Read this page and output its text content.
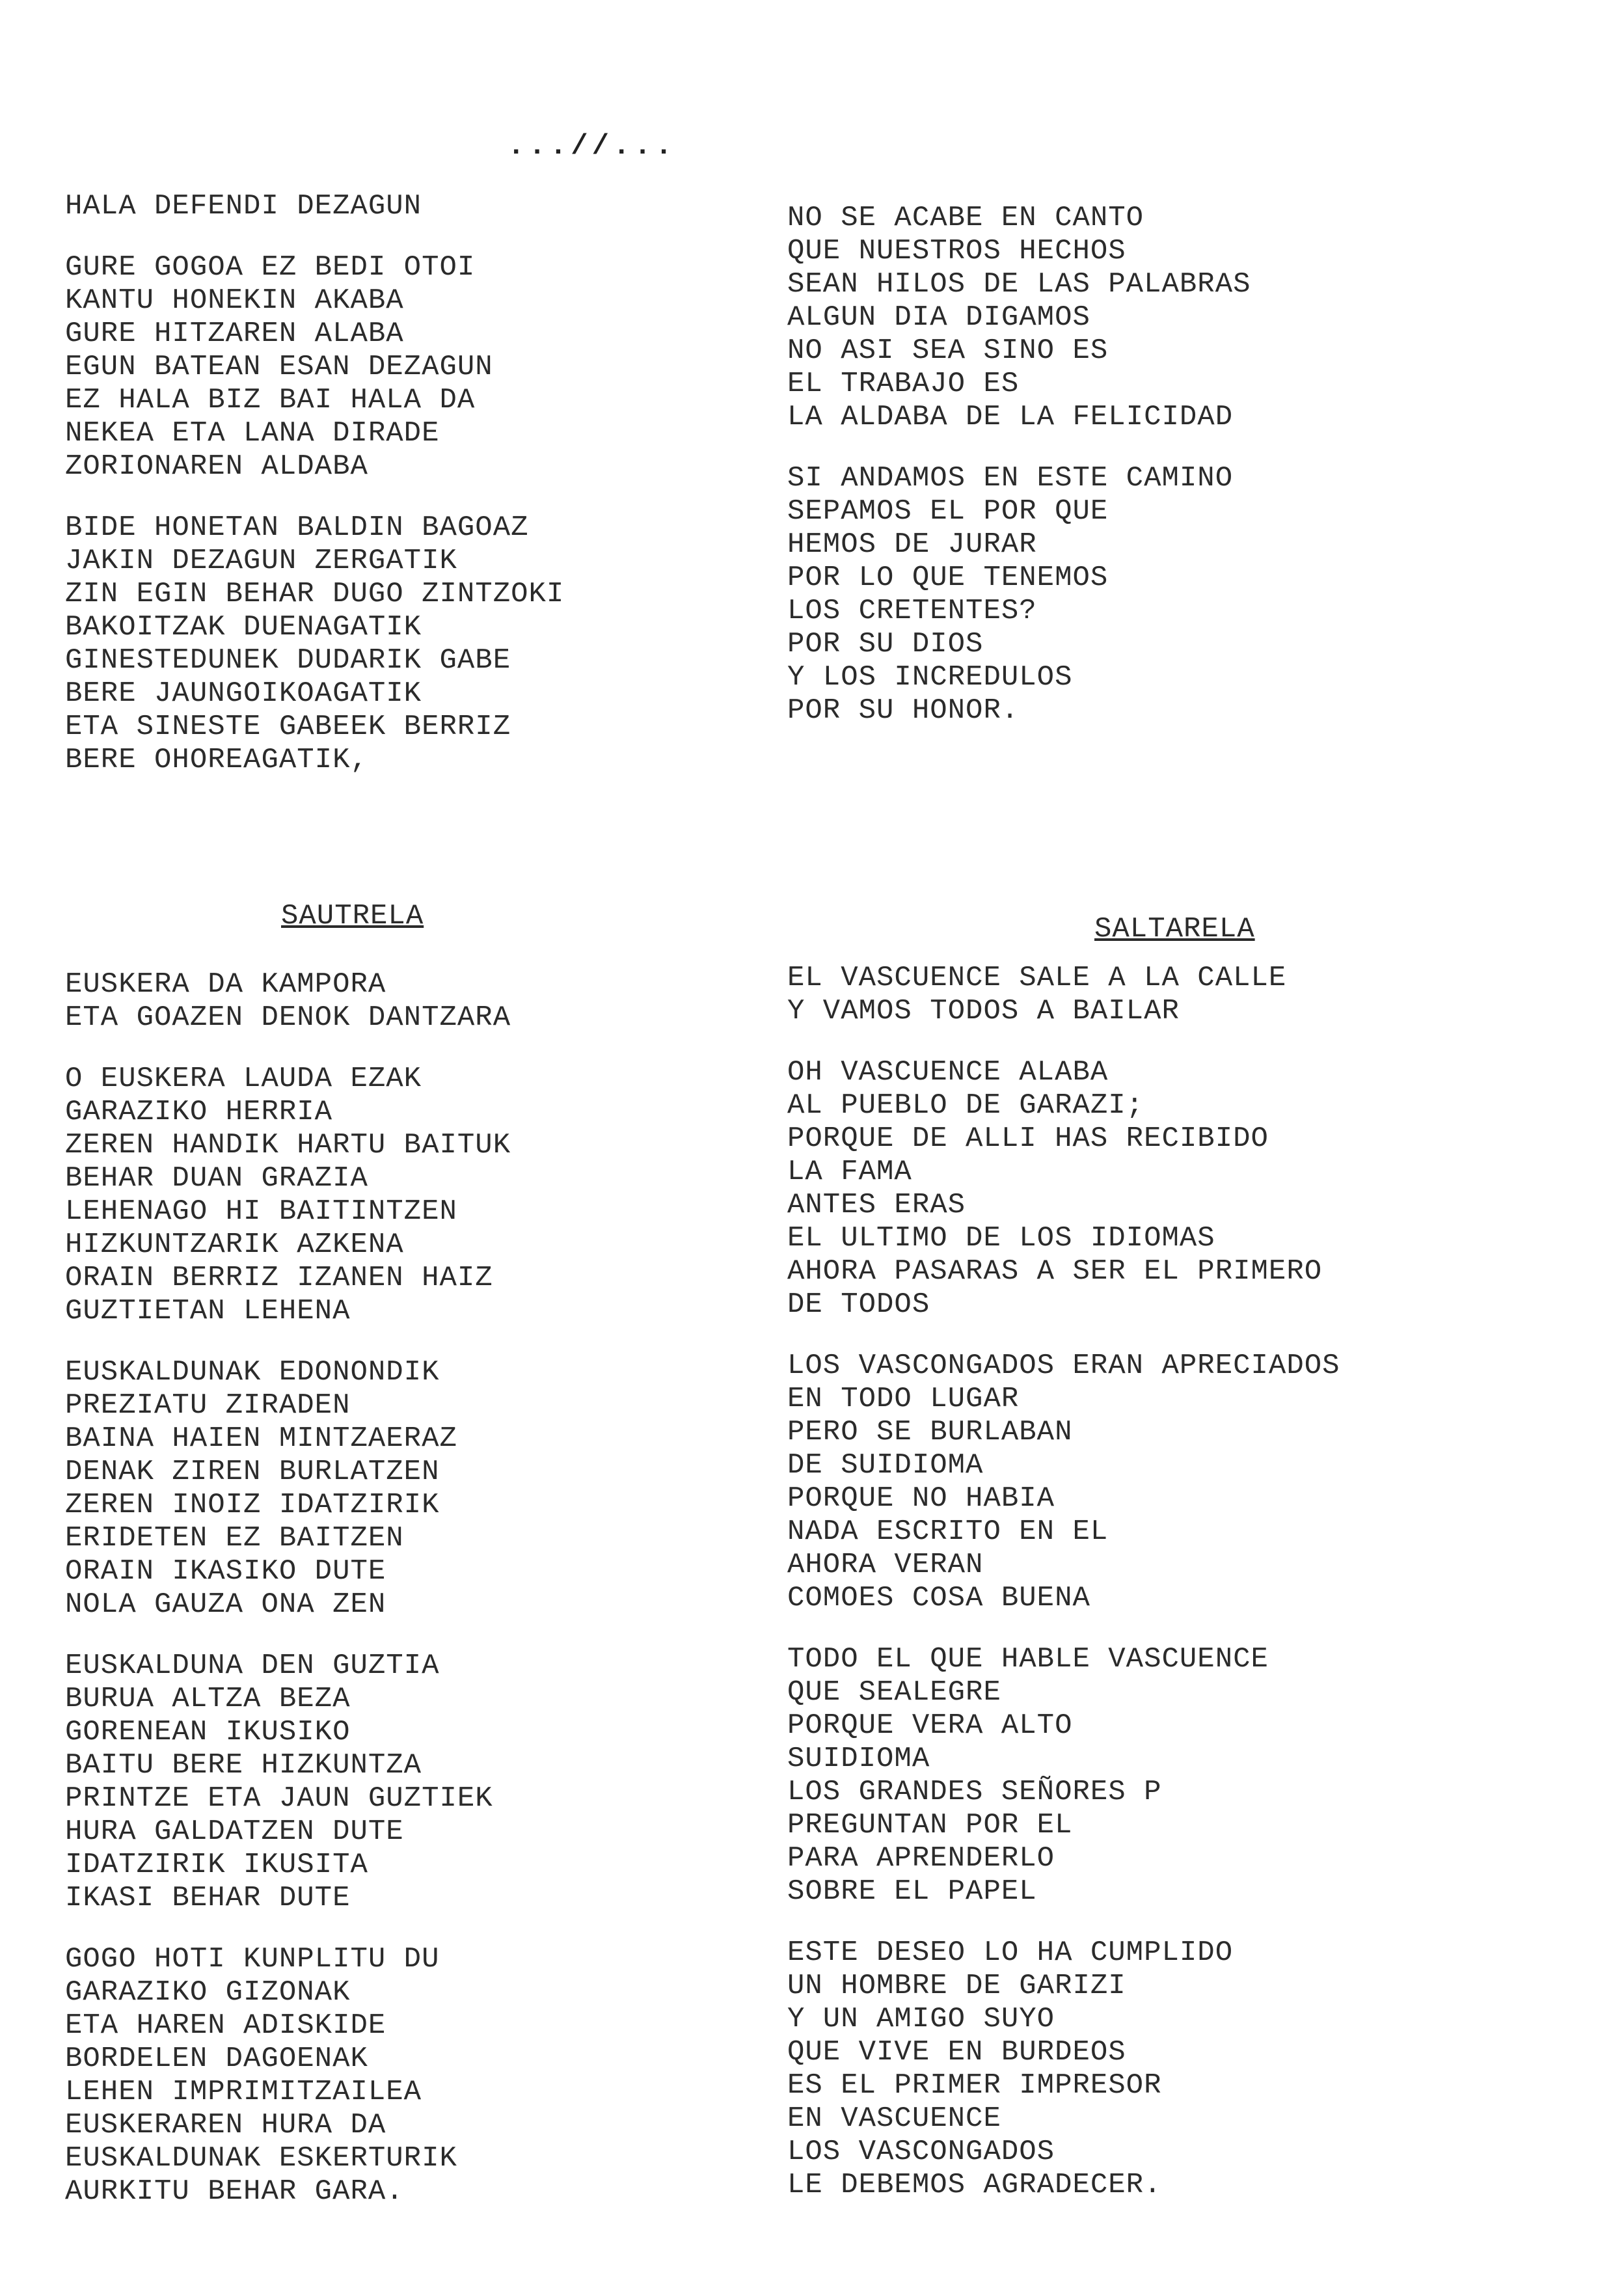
...//...
HALA DEFENDI DEZAGUN
GURE GOGOA EZ BEDI OTOI
KANTU HONEKIN AKABA
GURE HITZAREN ALABA
EGUN BATEAN ESAN DEZAGUN
EZ HALA BIZ BAI HALA DA
NEKEA ETA LANA DIRADE
ZORIONAREN ALDABA
BIDE HONETAN BALDIN BAGOAZ
JAKIN DEZAGUN ZERGATIK
ZIN EGIN BEHAR DUGO ZINTZOKI
BAKOITZAK DUENAGATIK
GINESTEDUNEK DUDARIK GABE
BERE JAUNGOIKOAGATIK
ETA SINESTE GABEEK BERRIZ
BERE OHOREAGATIK,
NO SE ACABE EN CANTO
QUE NUESTROS HECHOS
SEAN HILOS DE LAS PALABRAS
ALGUN DIA DIGAMOS
NO ASI SEA SINO ES
EL TRABAJO ES
LA ALDABA DE LA FELICIDAD
SI ANDAMOS EN ESTE CAMINO
SEPAMOS EL POR QUE
HEMOS DE JURAR
POR LO QUE TENEMOS
LOS CRETENTES?
POR SU DIOS
Y LOS INCREDULOS
POR SU HONOR.
SAUTRELA	SALTARELA
EUSKERA DA KAMPORA
ETA GOAZEN DENOK DANTZARA
O EUSKERA LAUDA EZAK
GARAZIKO HERRIA
ZEREN HANDIK HARTU BAITUK
BEHAR DUAN GRAZIA
LEHENAGO HI BAITINTZEN
HIZKUNTZARIK AZKENA
ORAIN BERRIZ IZANEN HAIZ
GUZTIETAN LEHENA
EUSKALDUNAK EDONONDIK
PREZIATU ZIRADEN
BAINA HAIEN MINTZAERAZ
DENAK ZIREN BURLATZEN
ZEREN INOIZ IDATZIRIK
ERIDETEN EZ BAITZEN
ORAIN IKASIKO DUTE
NOLA GAUZA ONA ZEN
EUSKALDUNA DEN GUZTIA
BURUA ALTZA BEZA
GORENEAN IKUSIKO
BAITU BERE HIZKUNTZA
PRINTZE ETA JAUN GUZTIEK
HURA GALDATZEN DUTE
IDATZIRIK IKUSITA
IKASI BEHAR DUTE
GOGO HOTI KUNPLITU DU
GARAZIKO GIZONAK
ETA HAREN ADISKIDE
BORDELEN DAGOENAK
LEHEN IMPRIMITZAILEA
EUSKERAREN HURA DA
EUSKALDUNAK ESKERTURIK
AURKITU BEHAR GARA.
EL VASCUENCE SALE A LA CALLE
Y VAMOS TODOS A BAILAR
OH VASCUENCE ALABA
AL PUEBLO DE GARAZI;
PORQUE DE ALLI HAS RECIBIDO
LA FAMA
ANTES ERAS
EL ULTIMO DE LOS IDIOMAS
AHORA PASARAS A SER EL PRIMERO
DE TODOS
LOS VASCONGADOS ERAN APRECIADOS
EN TODO LUGAR
PERO SE BURLABAN
DE SUIDIOMA
PORQUE NO HABIA
NADA ESCRITO EN EL
AHORA VERAN
COMOES COSA BUENA
TODO EL QUE HABLE VASCUENCE
QUE SEALEGRE
PORQUE VERA ALTO
SUIDIOMA
LOS GRANDES SEÑORES P
PREGUNTAN POR EL
PARA APRENDERLO
SOBRE EL PAPEL
ESTE DESEO LO HA CUMPLIDO
UN HOMBRE DE GARIZI
Y UN AMIGO SUYO
QUE VIVE EN BURDEOS
ES EL PRIMER IMPRESOR
EN VASCUENCE
LOS VASCONGADOS
LE DEBEMOS AGRADECER.
